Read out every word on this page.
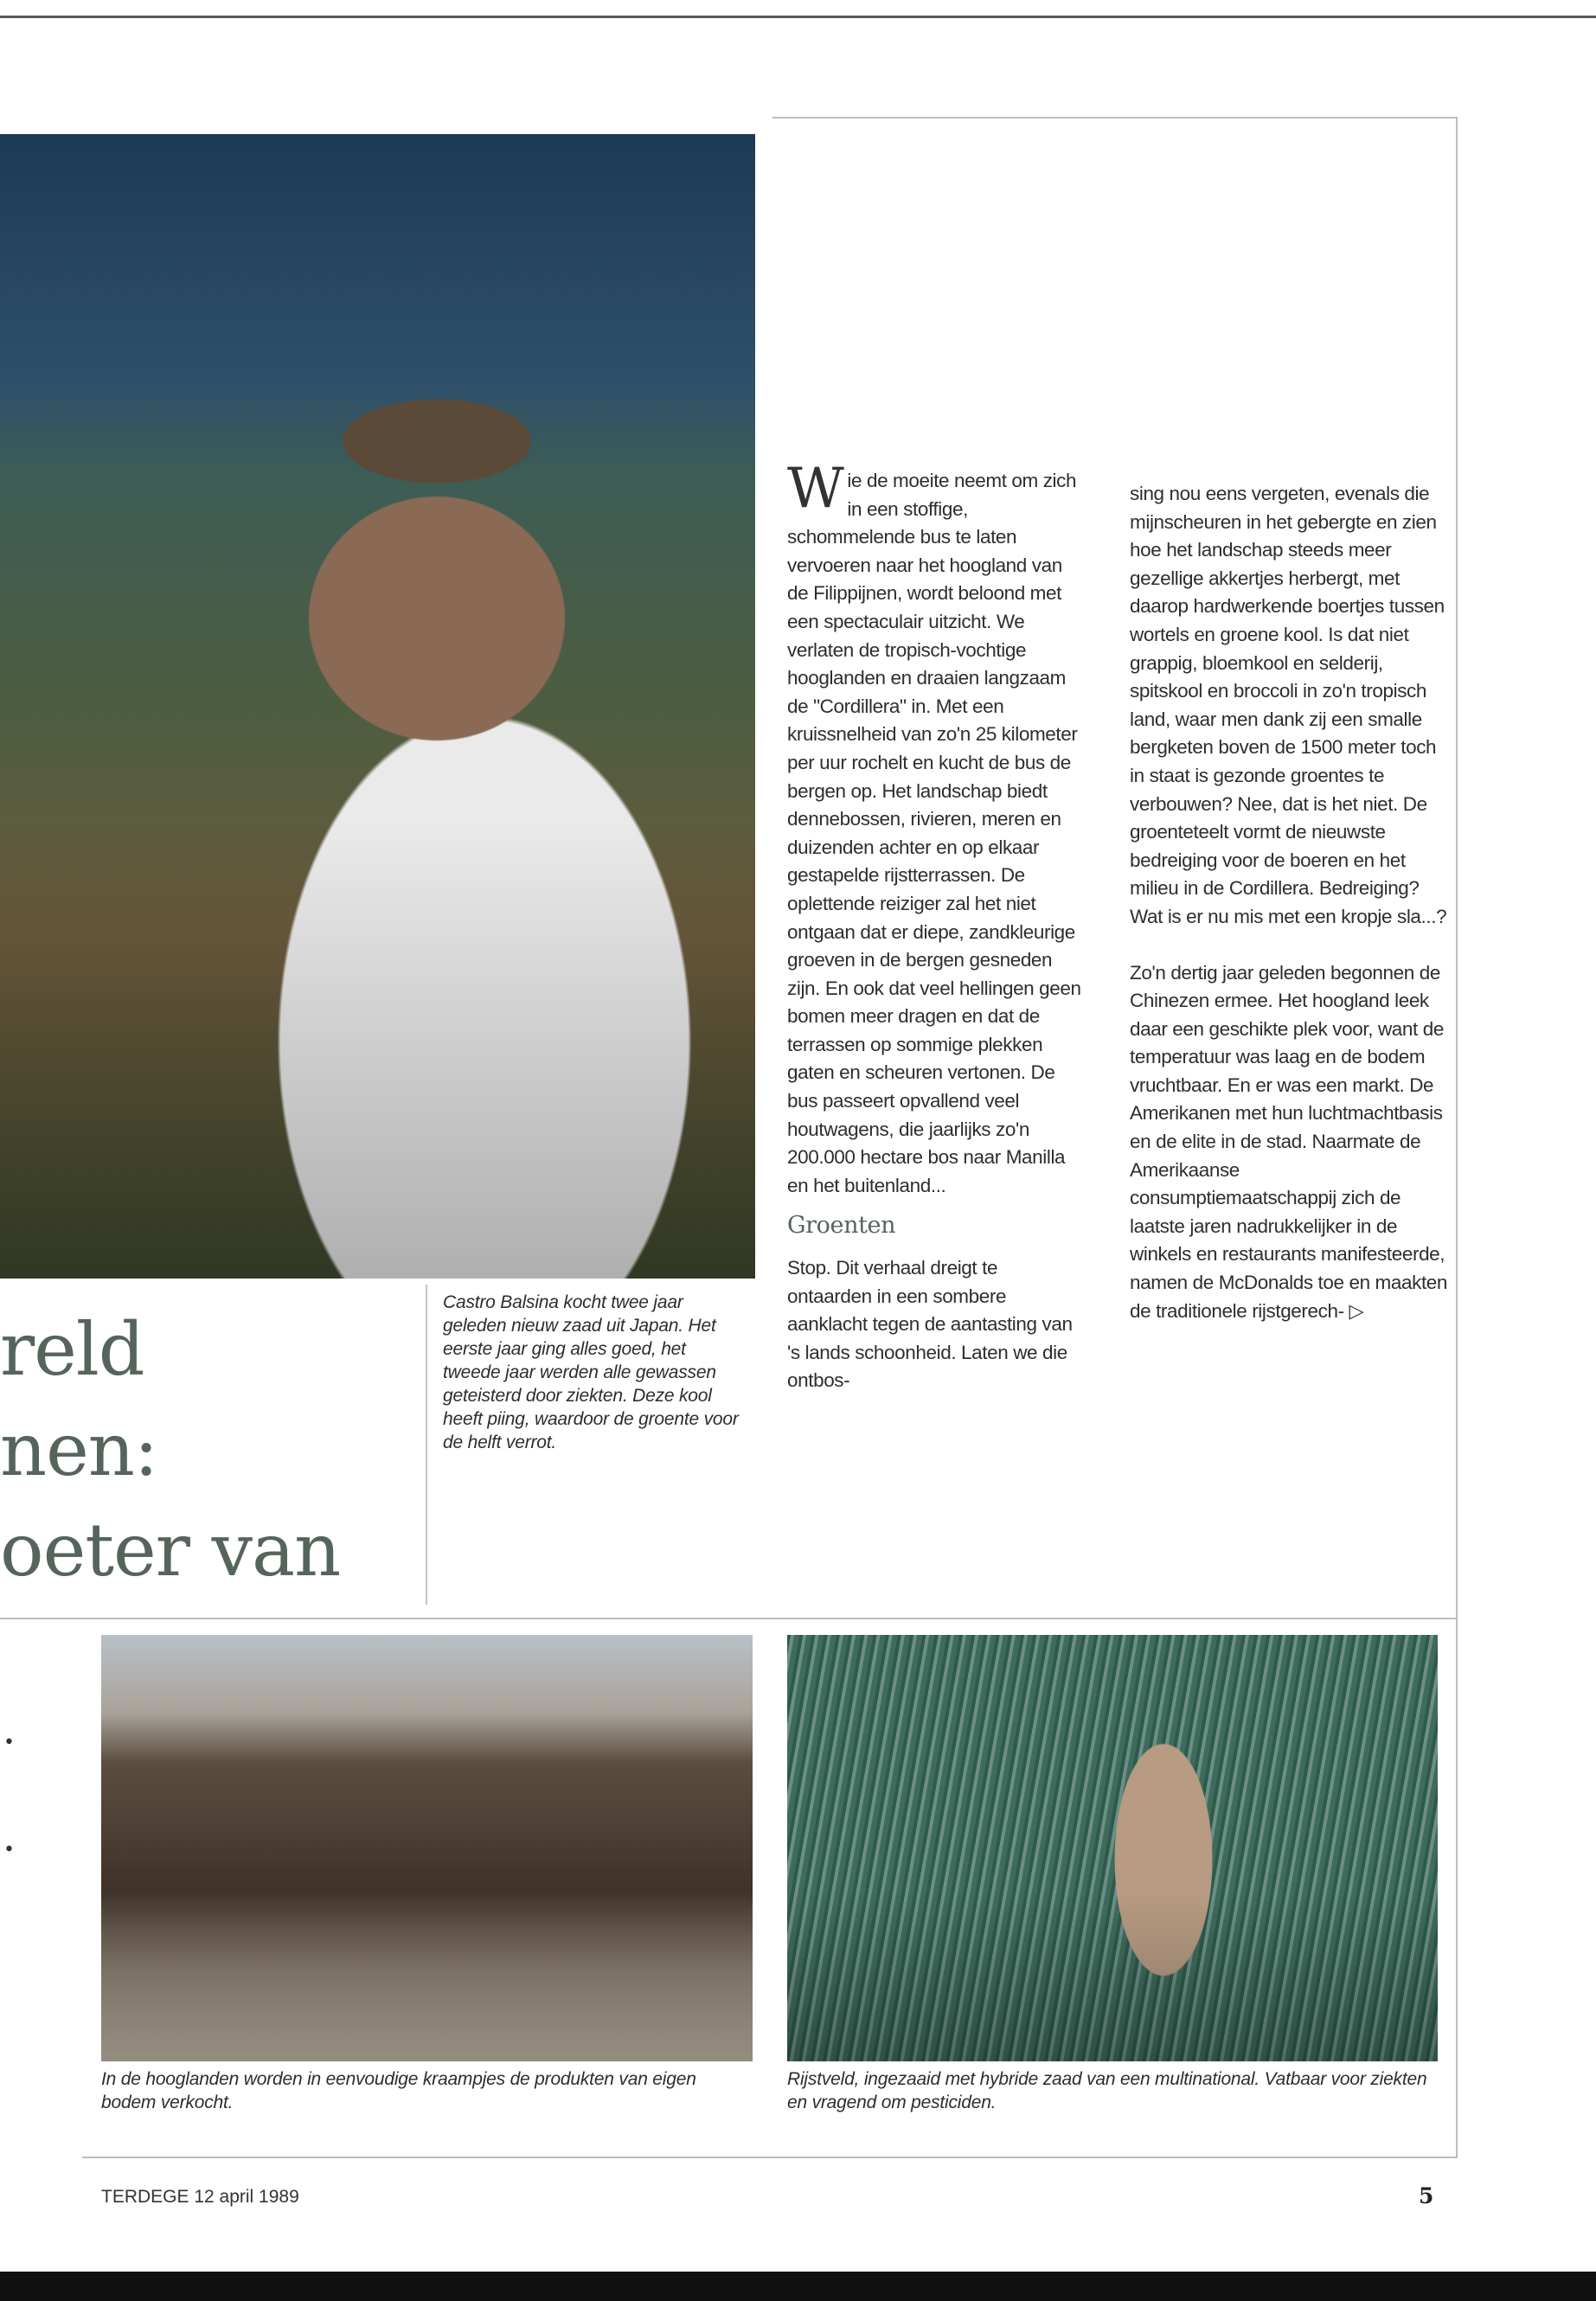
reld
nen:
oeter van
•
•
Castro Balsina kocht twee jaar geleden nieuw zaad uit Japan. Het eerste jaar ging alles goed, het tweede jaar werden alle gewassen geteisterd door ziekten. Deze kool heeft piing, waardoor de groente voor de helft verrot.
In de hooglanden worden in eenvoudige kraampjes de produkten van eigen bodem verkocht.
Rijstveld, ingezaaid met hybride zaad van een multinational. Vatbaar voor ziekten en vragend om pesticiden.
Wie de moeite neemt om zich in een stoffige, schommelende bus te laten vervoeren naar het hoogland van de Filippijnen, wordt beloond met een spectaculair uitzicht. We verlaten de tropisch-vochtige hooglanden en draaien langzaam de "Cordillera" in. Met een kruissnelheid van zo'n 25 kilometer per uur rochelt en kucht de bus de bergen op. Het landschap biedt dennebossen, rivieren, meren en duizenden achter en op elkaar gestapelde rijstterrassen. De oplettende reiziger zal het niet ontgaan dat er diepe, zandkleurige groeven in de bergen gesneden zijn. En ook dat veel hellingen geen bomen meer dragen en dat de terrassen op sommige plekken gaten en scheuren vertonen. De bus passeert opvallend veel houtwagens, die jaarlijks zo'n 200.000 hectare bos naar Manilla en het buitenland...
Groenten
Stop. Dit verhaal dreigt te ontaarden in een sombere aanklacht tegen de aantasting van 's lands schoonheid. Laten we die ontbos-
sing nou eens vergeten, evenals die mijnscheuren in het gebergte en zien hoe het landschap steeds meer gezellige akkertjes herbergt, met daarop hardwerkende boertjes tussen wortels en groene kool. Is dat niet grappig, bloemkool en selderij, spitskool en broccoli in zo'n tropisch land, waar men dank zij een smalle bergketen boven de 1500 meter toch in staat is gezonde groentes te verbouwen? Nee, dat is het niet. De groenteteelt vormt de nieuwste bedreiging voor de boeren en het milieu in de Cordillera. Bedreiging? Wat is er nu mis met een kropje sla...?
Zo'n dertig jaar geleden begonnen de Chinezen ermee. Het hoogland leek daar een geschikte plek voor, want de temperatuur was laag en de bodem vruchtbaar. En er was een markt. De Amerikanen met hun luchtmachtbasis en de elite in de stad. Naarmate de Amerikaanse consumptiemaatschappij zich de laatste jaren nadrukkelijker in de winkels en restaurants manifesteerde, namen de McDonalds toe en maakten de traditionele rijstgerech- ▷
TERDEGE 12 april 1989	5
